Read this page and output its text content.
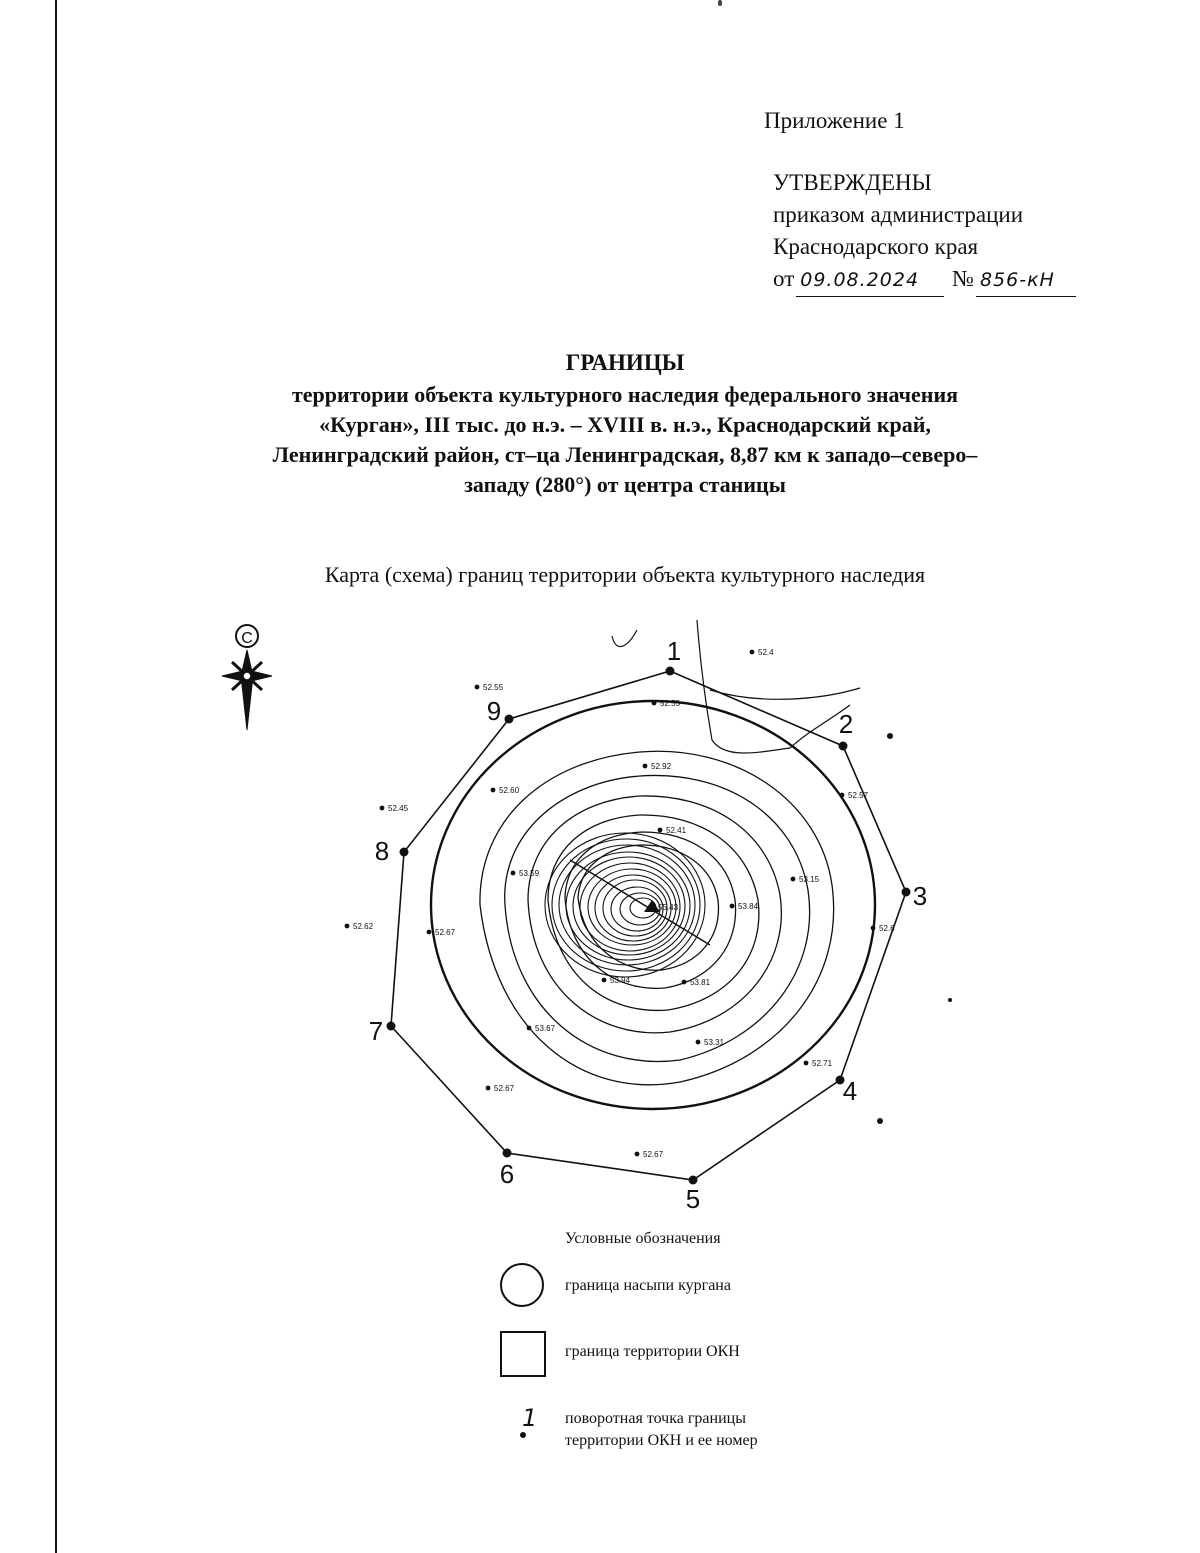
Приложение 1
УТВЕРЖДЕНЫ
приказом администрации
Краснодарского края
от 09.08.2024 № 856-кН
ГРАНИЦЫ
территории объекта культурного наследия федерального значения
«Курган», III тыс. до н.э. – XVIII в. н.э., Краснодарский край,
Ленинградский район, ст–ца Ленинградская, 8,87 км к западо–северо–
западу (280°) от центра станицы
Карта (схема) границ территории объекта культурного наследия
С	1
2
3
4
5
6
7
8
9
52.55
52.55
52.4
52.92
52.60
52.57
52.45
52.41
53.59
53.84
53.15
52.62
52.67	52.6
53.67
53.31
52.71
52.67
52.67
53.81
53.94
55.43
Условные обозначения
граница насыпи кургана
граница территории ОКН
1 поворотная точка границы
территории ОКН и ее номер
